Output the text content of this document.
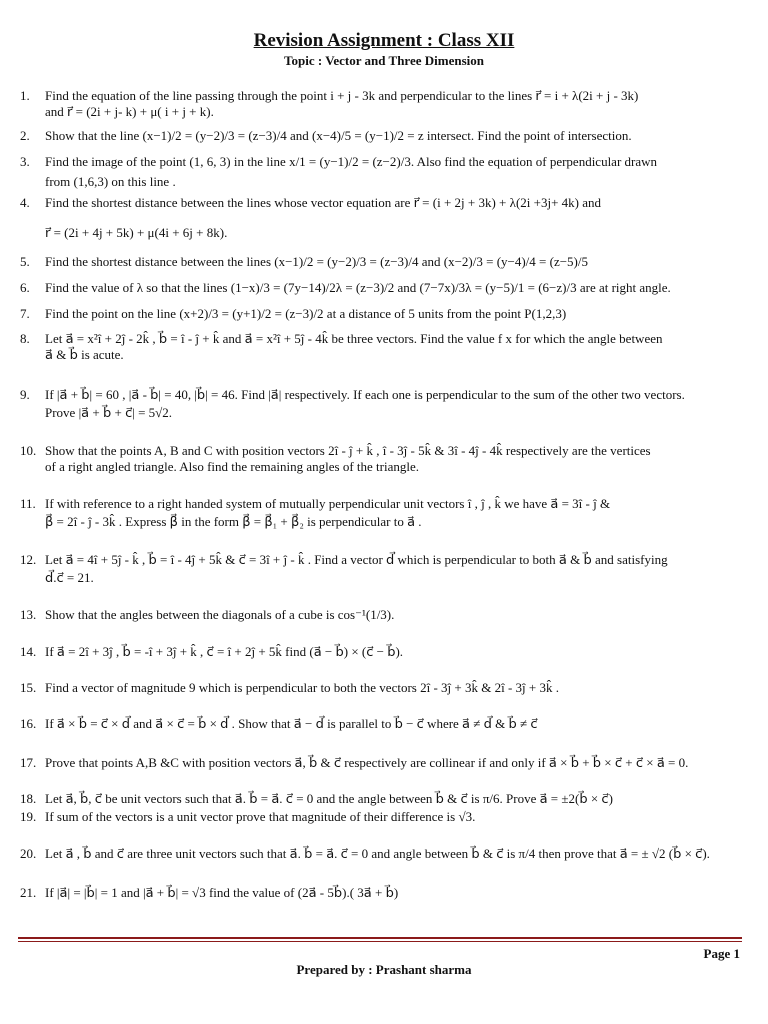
Revision Assignment : Class XII
Topic : Vector and Three Dimension
1.	Find the equation of the line passing through the point i + j - 3k and perpendicular to the lines r⃗ = i + λ(2i + j - 3k)
and r⃗ = (2i + j- k) + μ( i + j + k).
2.	Show that the line (x−1)/2 = (y−2)/3 = (z−3)/4 and (x−4)/5 = (y−1)/2 = z intersect. Find the point of intersection.
3.	Find the image of the point (1, 6, 3) in the line x/1 = (y−1)/2 = (z−2)/3. Also find the equation of perpendicular drawn
from (1,6,3) on this line .
4.	Find the shortest distance between the lines whose vector equation are r⃗ = (i + 2j + 3k) + λ(2i +3j+ 4k) and
r⃗ = (2i + 4j + 5k) + μ(4i + 6j + 8k).
5.	Find the shortest distance between the lines (x−1)/2 = (y−2)/3 = (z−3)/4 and (x−2)/3 = (y−4)/4 = (z−5)/5
6.	Find the value of λ so that the lines (1−x)/3 = (7y−14)/2λ = (z−3)/2 and (7−7x)/3λ = (y−5)/1 = (6−z)/3 are at right angle.
7.	Find the point on the line (x+2)/3 = (y+1)/2 = (z−3)/2 at a distance of 5 units from the point P(1,2,3)
8.	Let a⃗ = x²î + 2ĵ - 2k̂ , b⃗ = î - ĵ + k̂ and a⃗ = x²î + 5ĵ - 4k̂ be three vectors. Find the value f x for which the angle between
a⃗ & b⃗ is acute.
9.	If |a⃗ + b⃗| = 60 , |a⃗ - b⃗| = 40, |b⃗| = 46. Find |a⃗| respectively. If each one is perpendicular to the sum of the other two vectors.
Prove |a⃗ + b⃗ + c⃗| = 5√2.
10. Show that the points A, B and C with position vectors 2î - ĵ + k̂ , î - 3ĵ - 5k̂ & 3î - 4ĵ - 4k̂ respectively are the vertices
of a right angled triangle. Also find the remaining angles of the triangle.
11. If with reference to a right handed system of mutually perpendicular unit vectors î , ĵ , k̂ we have a⃗ = 3î - ĵ &
β⃗ = 2î - ĵ - 3k̂ . Express β⃗ in the form β⃗ = β⃗₁ + β⃗₂ is perpendicular to a⃗ .
12. Let a⃗ = 4î + 5ĵ - k̂ , b⃗ = î - 4ĵ + 5k̂ & c⃗ = 3î + ĵ - k̂ . Find a vector d⃗ which is perpendicular to both a⃗ & b⃗ and satisfying
d⃗.c⃗ = 21.
13. Show that the angles between the diagonals of a cube is cos⁻¹(1/3).
14. If a⃗ = 2î + 3ĵ , b⃗ = -î + 3ĵ + k̂ , c⃗ = î + 2ĵ + 5k̂ find (a⃗ − b⃗) × (c⃗ − b⃗).
15. Find a vector of magnitude 9 which is perpendicular to both the vectors 2î - 3ĵ + 3k̂ & 2î - 3ĵ + 3k̂ .
16. If a⃗ × b⃗ = c⃗ × d⃗ and a⃗ × c⃗ = b⃗ × d⃗ . Show that a⃗ − d⃗ is parallel to b⃗ − c⃗ where a⃗ ≠ d⃗ & b⃗ ≠ c⃗
17. Prove that points A,B &C with position vectors a⃗, b⃗ & c⃗ respectively are collinear if and only if a⃗ × b⃗ + b⃗ × c⃗ + c⃗ × a⃗ = 0.
18. Let a⃗, b⃗, c⃗ be unit vectors such that a⃗. b⃗ = a⃗. c⃗ = 0 and the angle between b⃗ & c⃗ is π/6. Prove a⃗ = ±2(b⃗ × c⃗)
19. If sum of the vectors is a unit vector prove that magnitude of their difference is √3.
20. Let a⃗ , b⃗ and c⃗ are three unit vectors such that a⃗. b⃗ = a⃗. c⃗ = 0 and angle between b⃗ & c⃗ is π/4 then prove that a⃗ = ± √2 (b⃗ × c⃗).
21. If |a⃗| = |b⃗| = 1 and |a⃗ + b⃗| = √3 find the value of (2a⃗ - 5b⃗).( 3a⃗ + b⃗)
Page 1
Prepared by : Prashant sharma
